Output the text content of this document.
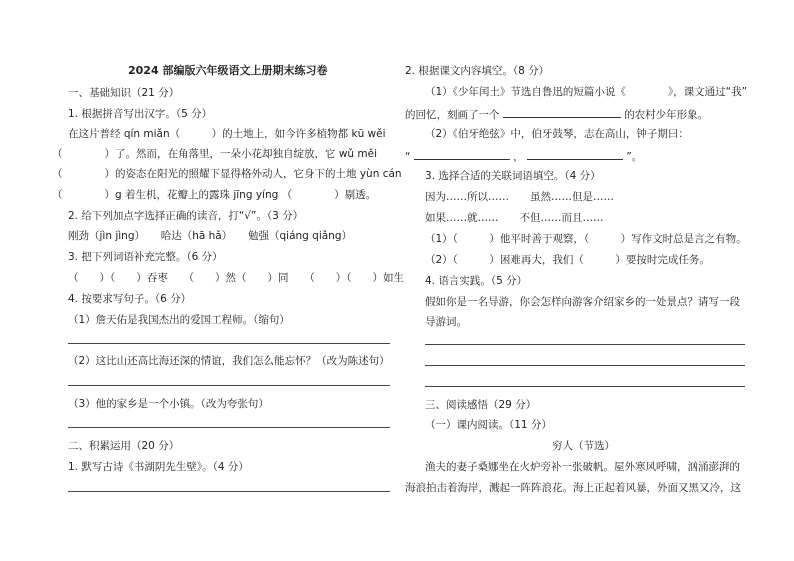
2024 部编版六年级语文上册期末练习卷
一、基础知识（21 分）
1. 根据拼音写出汉字。（5 分）
在这片普经 qín miǎn（　　　）的土地上，如今许多植物都 kū wěi
（　　　　）了。然而，在角落里，一朵小花却独自绽放，它 wǔ měi
（　　　　）的姿态在阳光的照耀下显得格外动人，它身下的土地 yùn cán
（　　　　）g 着生机，花瓣上的露珠 jīng yíng （　　　　）剔透。
2. 给下列加点字选择正确的读音，打“√”。（3 分）
刚劲（jìn jìng）　　哈达（hā hǎ）　　勉强（qiáng qiǎng）
3. 把下列词语补充完整。（6 分）
（　　）（　　）吞枣　　（　　）然（　　）同　　（　　）（　　）如生
4. 按要求写句子。（6 分）
（1）詹天佑是我国杰出的爱国工程师。（缩句）
（2）这比山还高比海还深的情谊，我们怎么能忘怀？（改为陈述句）
（3）他的家乡是一个小镇。（改为夸张句）
二、积累运用（20 分）
1. 默写古诗《书湖阴先生壁》。（4 分）
2. 根据课文内容填空。（8 分）
（1）《少年闰土》节选自鲁迅的短篇小说《　　　　》，课文通过“我”
的回忆，刻画了一个	的农村少年形象。
（2）《伯牙绝弦》中，伯牙鼓琴，志在高山，钟子期曰：
“	，	”。
3. 选择合适的关联词语填空。（4 分）
因为……所以……　　虽然……但是……
如果……就……　　不但……而且……
（1）（　　　）他平时善于观察，（　　　）写作文时总是言之有物。
（2）（　　　）困难再大，我们（　　　）要按时完成任务。
4. 语言实践。（5 分）
假如你是一名导游，你会怎样向游客介绍家乡的一处景点？请写一段
导游词。
三、阅读感悟（29 分）
（一）课内阅读。（11 分）
穷人（节选）
渔夫的妻子桑娜坐在火炉旁补一张破帆。屋外寒风呼啸，汹涌澎湃的
海浪拍击着海岸，溅起一阵阵浪花。海上正起着风暴，外面又黑又冷，这
